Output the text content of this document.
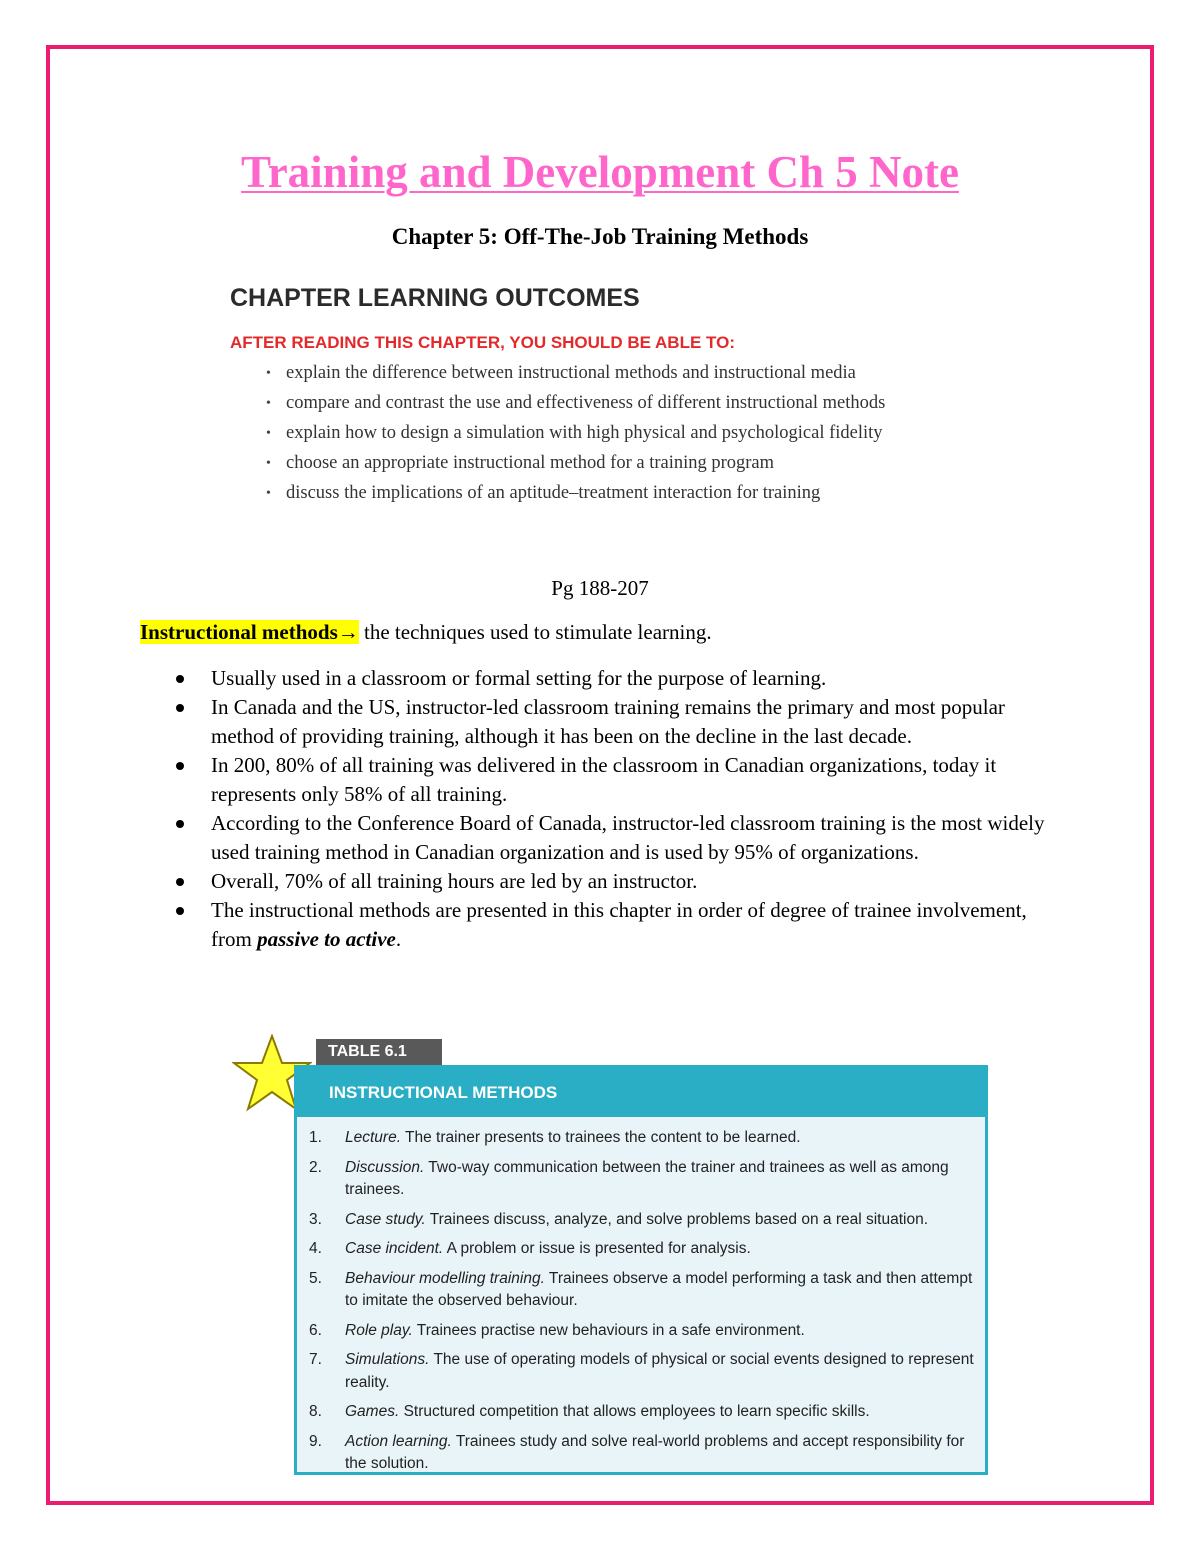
Training and Development Ch 5 Note

Chapter 5: Off-The-Job Training Methods

CHAPTER LEARNING OUTCOMES

AFTER READING THIS CHAPTER, YOU SHOULD BE ABLE TO:

• explain the difference between instructional methods and instructional media
• compare and contrast the use and effectiveness of different instructional methods
• explain how to design a simulation with high physical and psychological fidelity
• choose an appropriate instructional method for a training program
• discuss the implications of an aptitude–treatment interaction for training

Pg 188-207

Instructional methods→ the techniques used to stimulate learning.

Usually used in a classroom or formal setting for the purpose of learning.
In Canada and the US, instructor-led classroom training remains the primary and most popular method of providing training, although it has been on the decline in the last decade.
In 200, 80% of all training was delivered in the classroom in Canadian organizations, today it represents only 58% of all training.
According to the Conference Board of Canada, instructor-led classroom training is the most widely used training method in Canadian organization and is used by 95% of organizations.
Overall, 70% of all training hours are led by an instructor.
The instructional methods are presented in this chapter in order of degree of trainee involvement, from passive to active.
TABLE 6.1
INSTRUCTIONAL METHODS
1. Lecture. The trainer presents to trainees the content to be learned.
2. Discussion. Two-way communication between the trainer and trainees as well as among trainees.
3. Case study. Trainees discuss, analyze, and solve problems based on a real situation.
4. Case incident. A problem or issue is presented for analysis.
5. Behaviour modelling training. Trainees observe a model performing a task and then attempt to imitate the observed behaviour.
6. Role play. Trainees practise new behaviours in a safe environment.
7. Simulations. The use of operating models of physical or social events designed to represent reality.
8. Games. Structured competition that allows employees to learn specific skills.
9. Action learning. Trainees study and solve real-world problems and accept responsibility for the solution.
